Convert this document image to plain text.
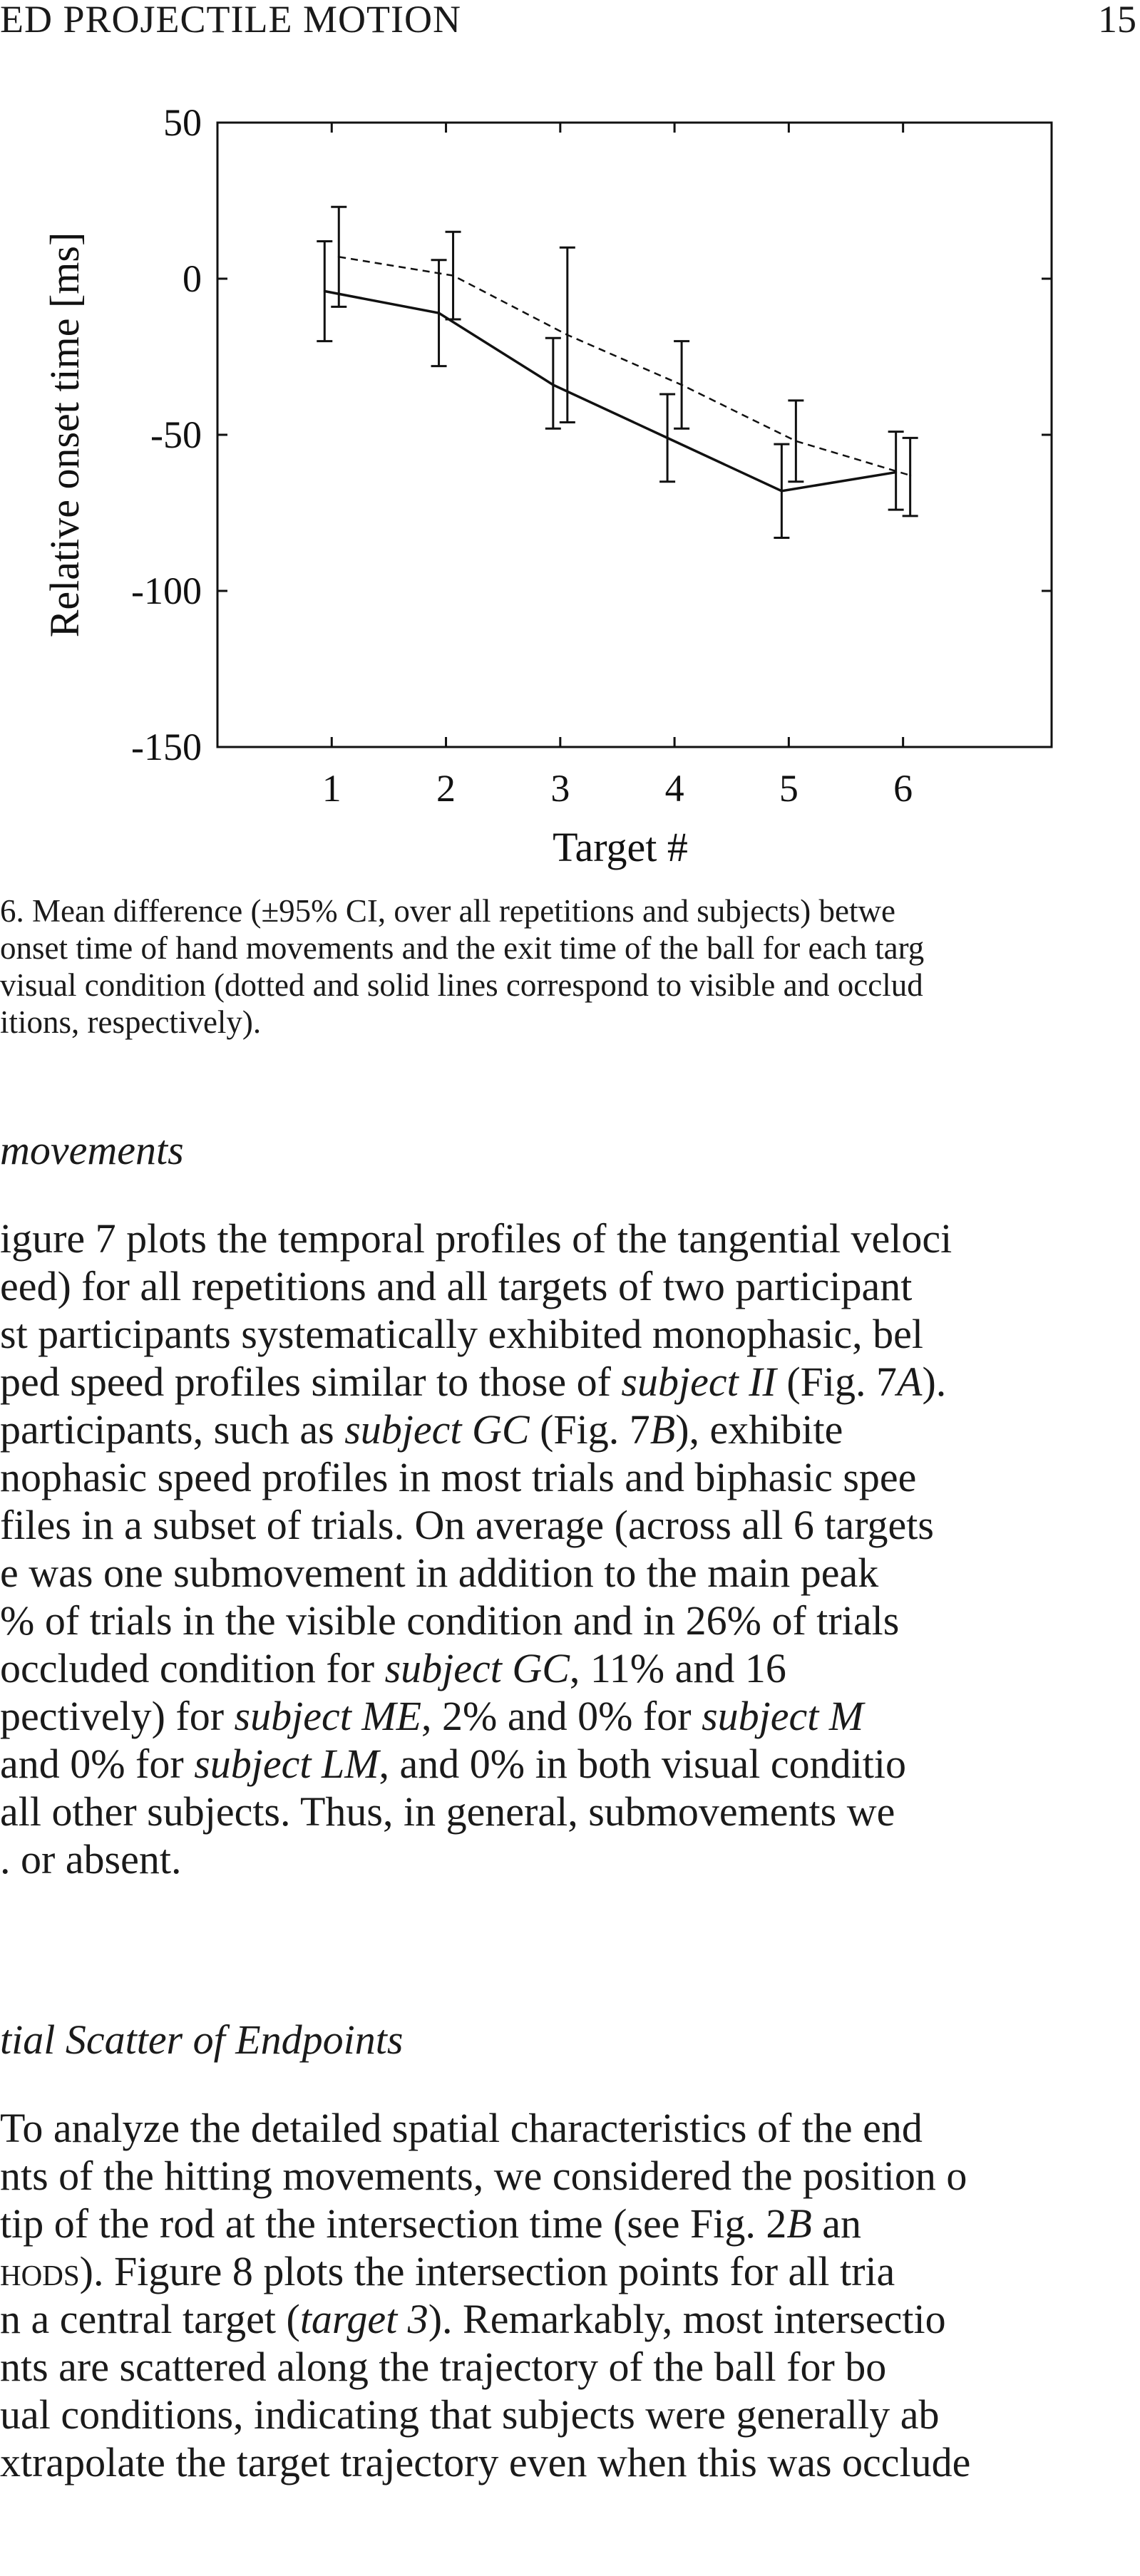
ED PROJECTILE MOTION	15
50
0
-50
-100
-150
1 2 3 4 5 6
Target #
Relative onset time [ms]
6. Mean difference (±95% CI, over all repetitions and subjects) betwe
onset time of hand movements and the exit time of the ball for each targ
visual condition (dotted and solid lines correspond to visible and occlud
itions, respectively).
movements
igure 7 plots the temporal profiles of the tangential veloci
eed) for all repetitions and all targets of two participant
st participants systematically exhibited monophasic, bel
ped speed profiles similar to those of subject II (Fig. 7A).
participants, such as subject GC (Fig. 7B), exhibite
nophasic speed profiles in most trials and biphasic spee
files in a subset of trials. On average (across all 6 targets
e was one submovement in addition to the main peak
% of trials in the visible condition and in 26% of trials
occluded condition for subject GC, 11% and 16
pectively) for subject ME, 2% and 0% for subject M
and 0% for subject LM, and 0% in both visual conditio
all other subjects. Thus, in general, submovements we
. or absent.
tial Scatter of Endpoints
To analyze the detailed spatial characteristics of the end
nts of the hitting movements, we considered the position o
tip of the rod at the intersection time (see Fig. 2B an
hods). Figure 8 plots the intersection points for all tria
n a central target (target 3). Remarkably, most intersectio
nts are scattered along the trajectory of the ball for bo
ual conditions, indicating that subjects were generally ab
xtrapolate the target trajectory even when this was occlude
